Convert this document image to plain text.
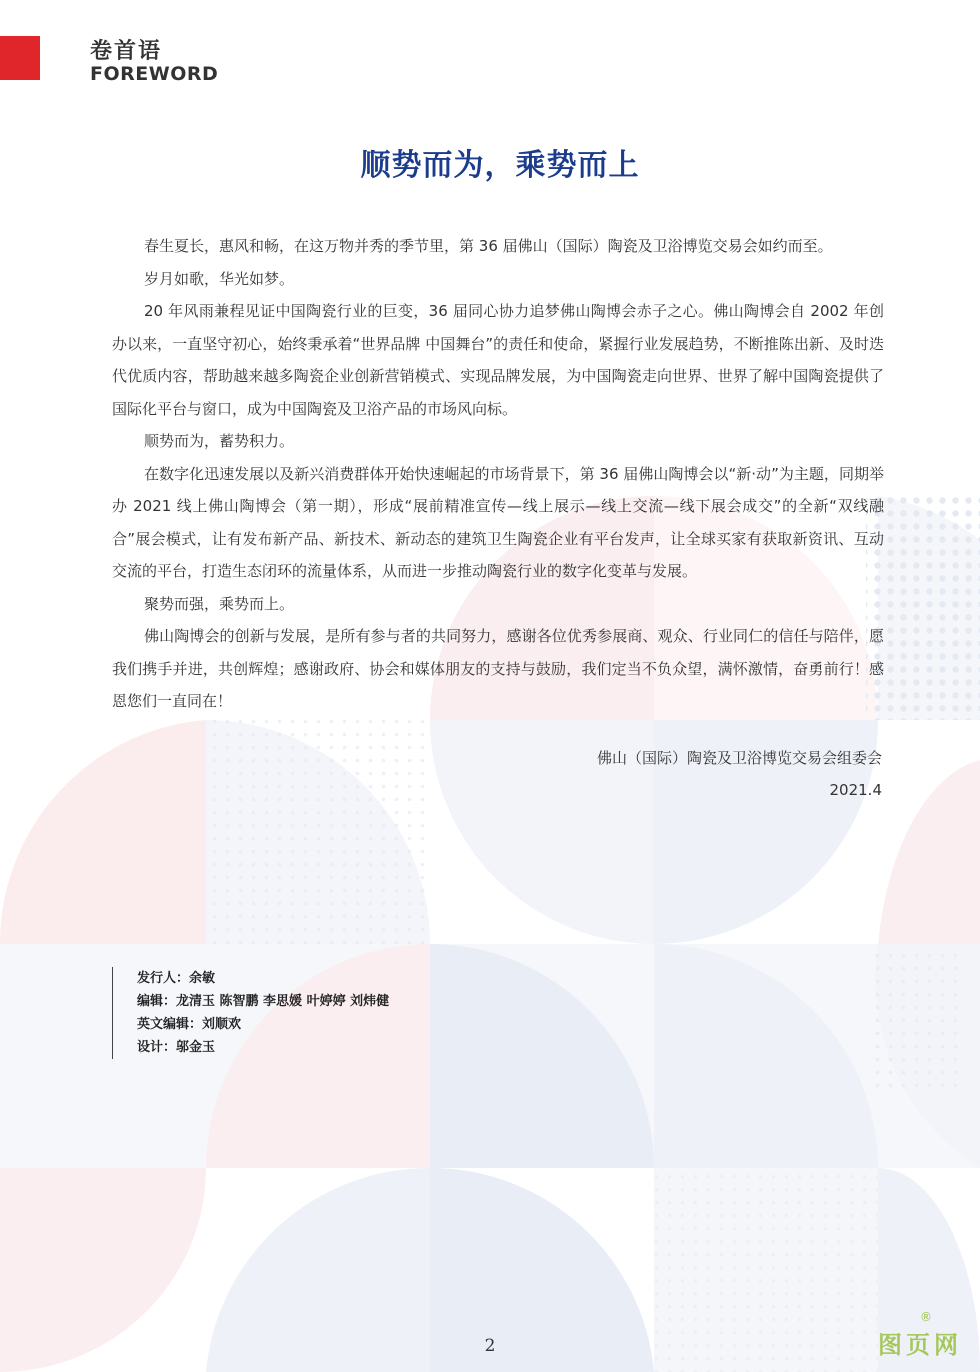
卷首语
FOREWORD
顺势而为，乘势而上

春生夏长，惠风和畅，在这万物并秀的季节里，第 36 届佛山（国际）陶瓷及卫浴博览交易会如约而至。

岁月如歌，华光如梦。

20 年风雨兼程见证中国陶瓷行业的巨变，36 届同心协力追梦佛山陶博会赤子之心。佛山陶博会自 2002 年创办以来，一直坚守初心，始终秉承着“世界品牌 中国舞台”的责任和使命，紧握行业发展趋势，不断推陈出新、及时迭代优质内容，帮助越来越多陶瓷企业创新营销模式、实现品牌发展，为中国陶瓷走向世界、世界了解中国陶瓷提供了国际化平台与窗口，成为中国陶瓷及卫浴产品的市场风向标。

顺势而为，蓄势积力。

在数字化迅速发展以及新兴消费群体开始快速崛起的市场背景下，第 36 届佛山陶博会以“新·动”为主题，同期举办 2021 线上佛山陶博会（第一期），形成“展前精准宣传—线上展示—线上交流—线下展会成交”的全新“双线融合”展会模式，让有发布新产品、新技术、新动态的建筑卫生陶瓷企业有平台发声，让全球买家有获取新资讯、互动交流的平台，打造生态闭环的流量体系，从而进一步推动陶瓷行业的数字化变革与发展。

聚势而强，乘势而上。

佛山陶博会的创新与发展，是所有参与者的共同努力，感谢各位优秀参展商、观众、行业同仁的信任与陪伴，愿我们携手并进，共创辉煌；感谢政府、协会和媒体朋友的支持与鼓励，我们定当不负众望，满怀激情，奋勇前行！感恩您们一直同在！

佛山（国际）陶瓷及卫浴博览交易会组委会
2021.4
发行人：余敏
编辑：龙清玉 陈智鹏 李思媛 叶婷婷 刘炜健
英文编辑：刘顺欢
设计：邬金玉
2
®
图页网
